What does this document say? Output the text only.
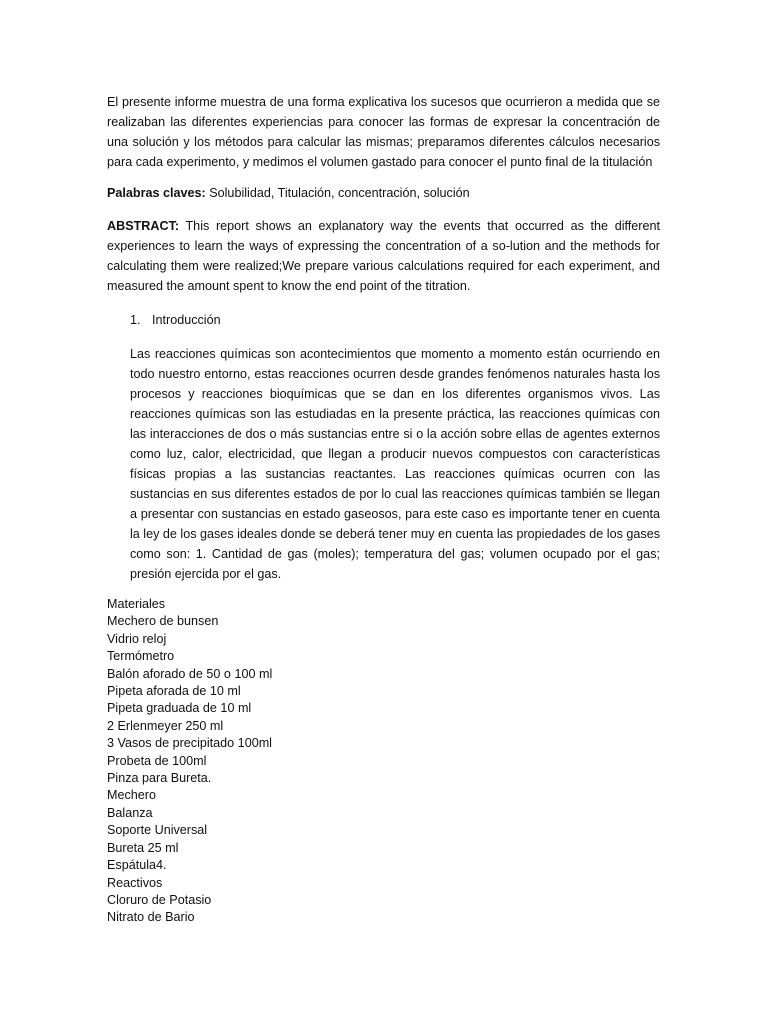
El presente informe muestra de una forma explicativa los sucesos que ocurrieron a medida que se realizaban las diferentes experiencias para conocer las formas de expresar la concentración de una solución y los métodos para calcular las mismas; preparamos diferentes cálculos necesarios para cada experimento, y medimos el volumen gastado para conocer el punto final de la titulación

Palabras claves: Solubilidad, Titulación, concentración, solución

ABSTRACT: This report shows an explanatory way the events that occurred as the different experiences to learn the ways of expressing the concentration of a so-lution and the methods for calculating them were realized;We prepare various calculations required for each experiment, and measured the amount spent to know the end point of the titration.

1. Introducción

Las reacciones químicas son acontecimientos que momento a momento están ocurriendo en todo nuestro entorno, estas reacciones ocurren desde grandes fenómenos naturales hasta los procesos y reacciones bioquímicas que se dan en los diferentes organismos vivos. Las reacciones químicas son las estudiadas en la presente práctica, las reacciones químicas con las interacciones de dos o más sustancias entre si o la acción sobre ellas de agentes externos como luz, calor, electricidad, que llegan a producir nuevos compuestos con características físicas propias a las sustancias reactantes. Las reacciones químicas ocurren con las sustancias en sus diferentes estados de por lo cual las reacciones químicas también se llegan a presentar con sustancias en estado gaseosos, para este caso es importante tener en cuenta la ley de los gases ideales donde se deberá tener muy en cuenta las propiedades de los gases como son: 1. Cantidad de gas (moles); temperatura del gas; volumen ocupado por el gas; presión ejercida por el gas.

Materiales
Mechero de bunsen
Vidrio reloj
Termómetro
Balón aforado de 50 o 100 ml
Pipeta aforada de 10 ml
Pipeta graduada de 10 ml
2 Erlenmeyer 250 ml
3 Vasos de precipitado 100ml
Probeta de 100ml
Pinza para Bureta.
Mechero
Balanza
Soporte Universal
Bureta 25 ml
Espátula4.
Reactivos
Cloruro de Potasio
Nitrato de Bario
